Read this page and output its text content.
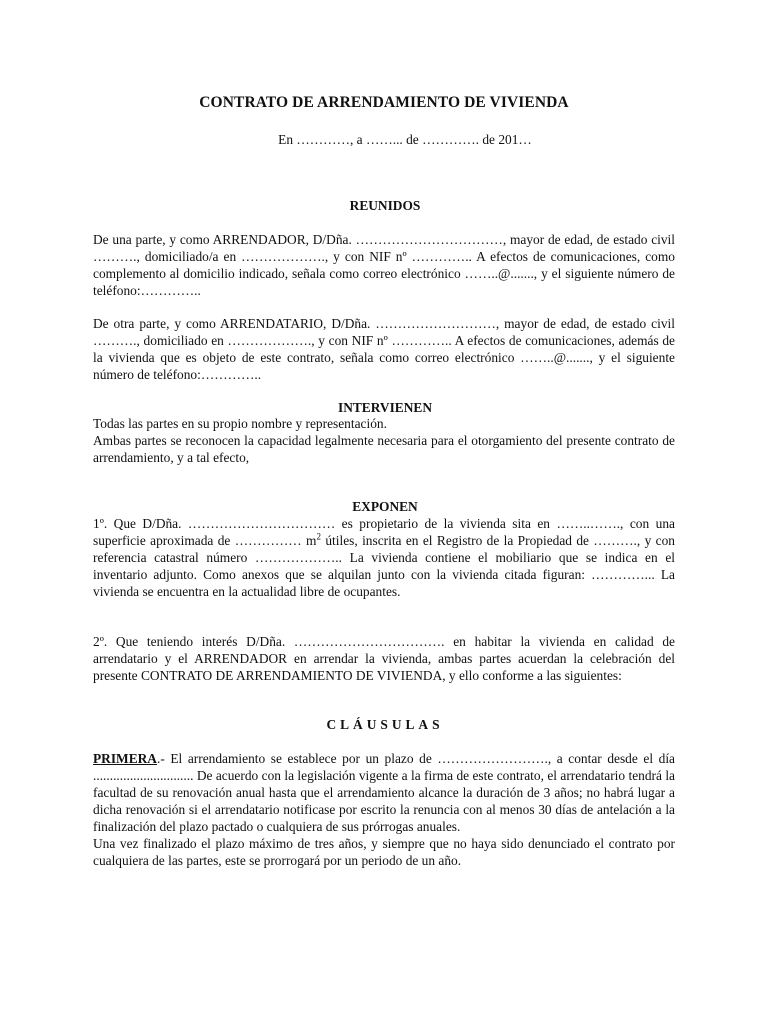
CONTRATO DE ARRENDAMIENTO DE VIVIENDA
En …………, a ……... de …………. de 201…
REUNIDOS
De una parte, y como ARRENDADOR, D/Dña. ……………………………, mayor de edad, de estado civil ………., domiciliado/a en ………………., y con NIF nº ………….. A efectos de comunicaciones, como complemento al domicilio indicado, señala como correo electrónico ……..@......., y el siguiente número de teléfono:…………..
De otra parte, y como ARRENDATARIO, D/Dña. ………………………, mayor de edad, de estado civil ………., domiciliado en ………………., y con NIF nº ………….. A efectos de comunicaciones, además de la vivienda que es objeto de este contrato, señala como correo electrónico ……..@......., y el siguiente número de teléfono:…………..
INTERVIENEN

Todas las partes en su propio nombre y representación.

Ambas partes se reconocen la capacidad legalmente necesaria para el otorgamiento del presente contrato de arrendamiento, y a tal efecto,

EXPONEN
1º. Que D/Dña. …………………………… es propietario de la vivienda sita en ……..……., con una superficie aproximada de …………… $m^2$ útiles, inscrita en el Registro de la Propiedad de ………., y con referencia catastral número ……………….. La vivienda contiene el mobiliario que se indica en el inventario adjunto. Como anexos que se alquilan junto con la vivienda citada figuran: …………... La vivienda se encuentra en la actualidad libre de ocupantes.
2º. Que teniendo interés D/Dña. ……………………………. en habitar la vivienda en calidad de arrendatario y el ARRENDADOR en arrendar la vivienda, ambas partes acuerdan la celebración del presente CONTRATO DE ARRENDAMIENTO DE VIVIENDA, y ello conforme a las siguientes:
CLÁUSULAS

PRIMERA.- El arrendamiento se establece por un plazo de ……………………., a contar desde el día .............................. De acuerdo con la legislación vigente a la firma de este contrato, el arrendatario tendrá la facultad de su renovación anual hasta que el arrendamiento alcance la duración de 3 años; no habrá lugar a dicha renovación si el arrendatario notificase por escrito la renuncia con al menos 30 días de antelación a la finalización del plazo pactado o cualquiera de sus prórrogas anuales.

Una vez finalizado el plazo máximo de tres años, y siempre que no haya sido denunciado el contrato por cualquiera de las partes, este se prorrogará por un periodo de un año.
